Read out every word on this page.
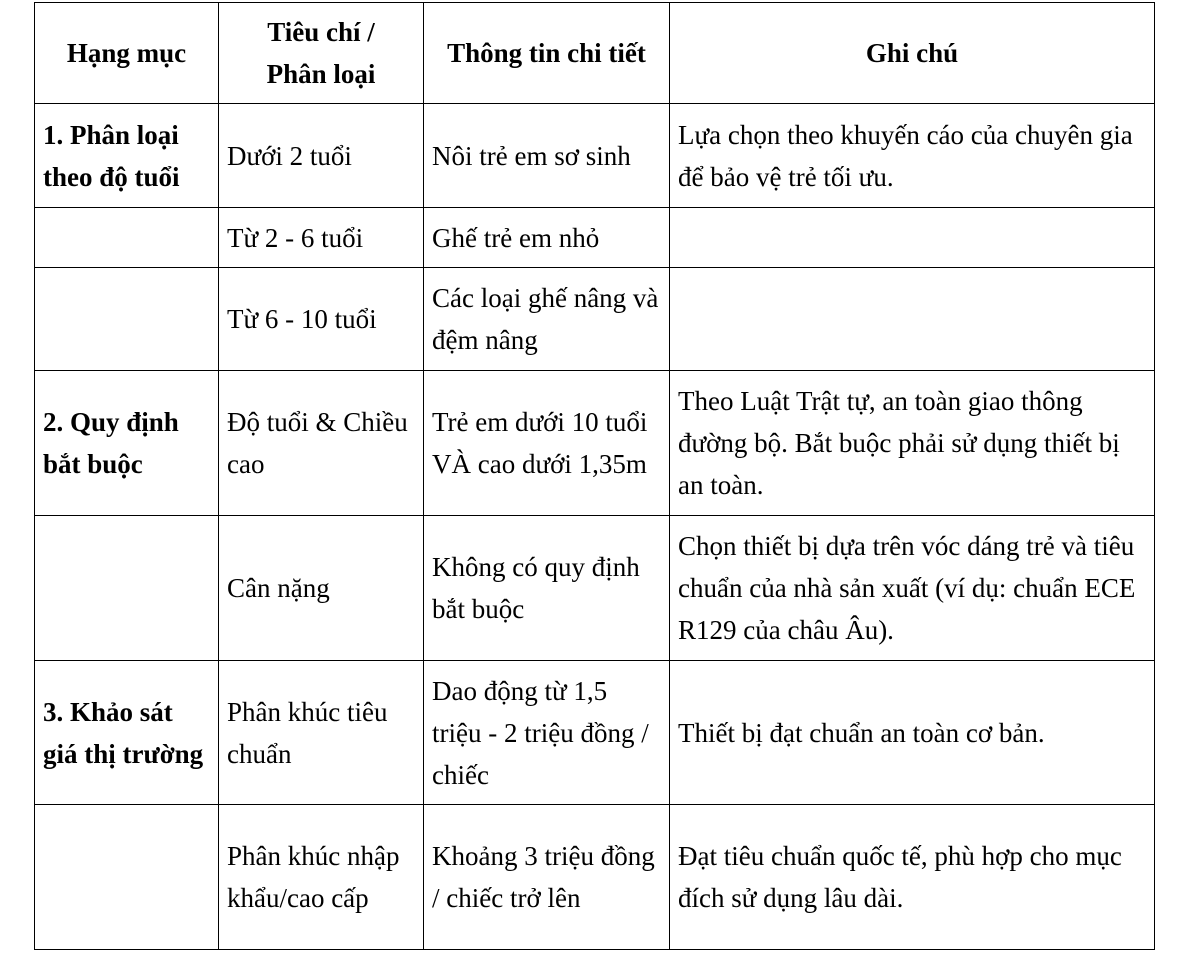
Hạng mục	Tiêu chí / Phân loại	Thông tin chi tiết	Ghi chú
1. Phân loại theo độ tuổi	Dưới 2 tuổi	Nôi trẻ em sơ sinh	Lựa chọn theo khuyến cáo của chuyên gia để bảo vệ trẻ tối ưu.
	Từ 2 - 6 tuổi	Ghế trẻ em nhỏ	
	Từ 6 - 10 tuổi	Các loại ghế nâng và đệm nâng	
2. Quy định bắt buộc	Độ tuổi & Chiều cao	Trẻ em dưới 10 tuổi VÀ cao dưới 1,35m	Theo Luật Trật tự, an toàn giao thông đường bộ. Bắt buộc phải sử dụng thiết bị an toàn.
	Cân nặng	Không có quy định bắt buộc	Chọn thiết bị dựa trên vóc dáng trẻ và tiêu chuẩn của nhà sản xuất (ví dụ: chuẩn ECE R129 của châu Âu).
3. Khảo sát giá thị trường	Phân khúc tiêu chuẩn	Dao động từ 1,5 triệu - 2 triệu đồng / chiếc	Thiết bị đạt chuẩn an toàn cơ bản.
	Phân khúc nhập khẩu/cao cấp	Khoảng 3 triệu đồng / chiếc trở lên	Đạt tiêu chuẩn quốc tế, phù hợp cho mục đích sử dụng lâu dài.
